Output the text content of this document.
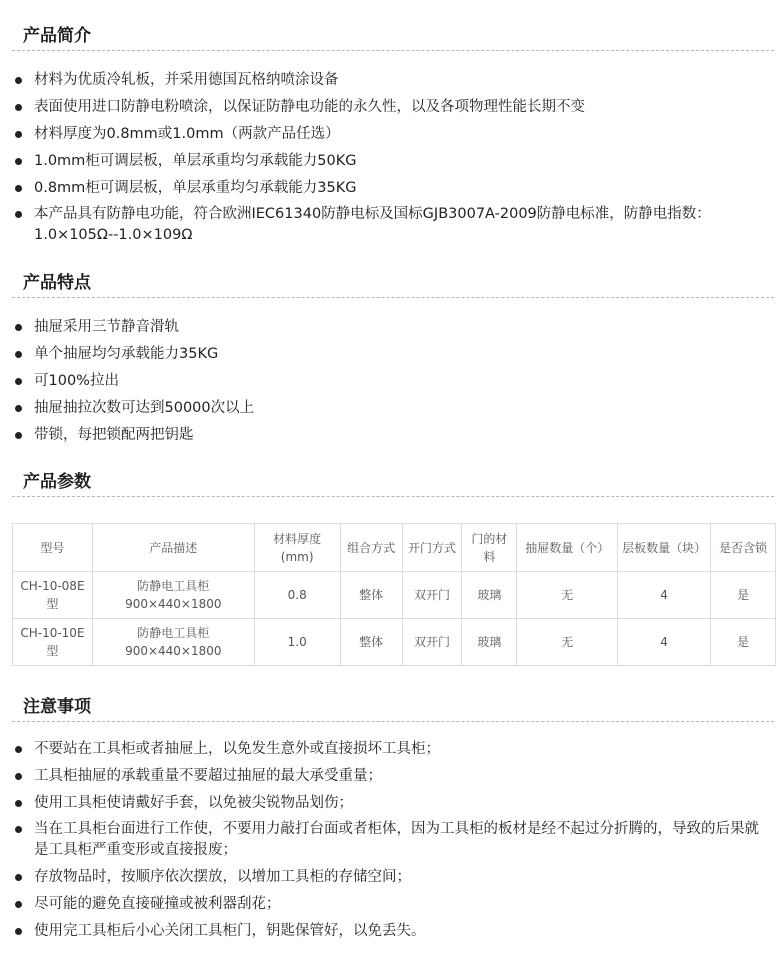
产品简介
材料为优质冷轧板，并采用德国瓦格纳喷涂设备
表面使用进口防静电粉喷涂，以保证防静电功能的永久性，以及各项物理性能长期不变
材料厚度为0.8mm或1.0mm（两款产品任选）
1.0mm柜可调层板，单层承重均匀承载能力50KG
0.8mm柜可调层板，单层承重均匀承载能力35KG
本产品具有防静电功能，符合欧洲IEC61340防静电标及国标GJB3007A-2009防静电标准，防静电指数：1.0×105Ω--1.0×109Ω
产品特点
抽屉采用三节静音滑轨
单个抽屉均匀承载能力35KG
可100%拉出
抽屉抽拉次数可达到50000次以上
带锁，每把锁配两把钥匙
产品参数
型号	产品描述	材料厚度(mm)	组合方式	开门方式	门的材料	抽屉数量（个）	层板数量（块）	是否含锁
CH-10-08E型	防静电工具柜 900×440×1800	0.8	整体	双开门	玻璃	无	4	是
CH-10-10E型	防静电工具柜 900×440×1800	1.0	整体	双开门	玻璃	无	4	是
注意事项
不要站在工具柜或者抽屉上，以免发生意外或直接损坏工具柜；
工具柜抽屉的承载重量不要超过抽屉的最大承受重量；
使用工具柜使请戴好手套，以免被尖锐物品划伤；
当在工具柜台面进行工作使，不要用力敲打台面或者柜体，因为工具柜的板材是经不起过分折腾的，导致的后果就是工具柜严重变形或直接报废；
存放物品时，按顺序依次摆放，以增加工具柜的存储空间；
尽可能的避免直接碰撞或被利器刮花；
使用完工具柜后小心关闭工具柜门，钥匙保管好，以免丢失。
